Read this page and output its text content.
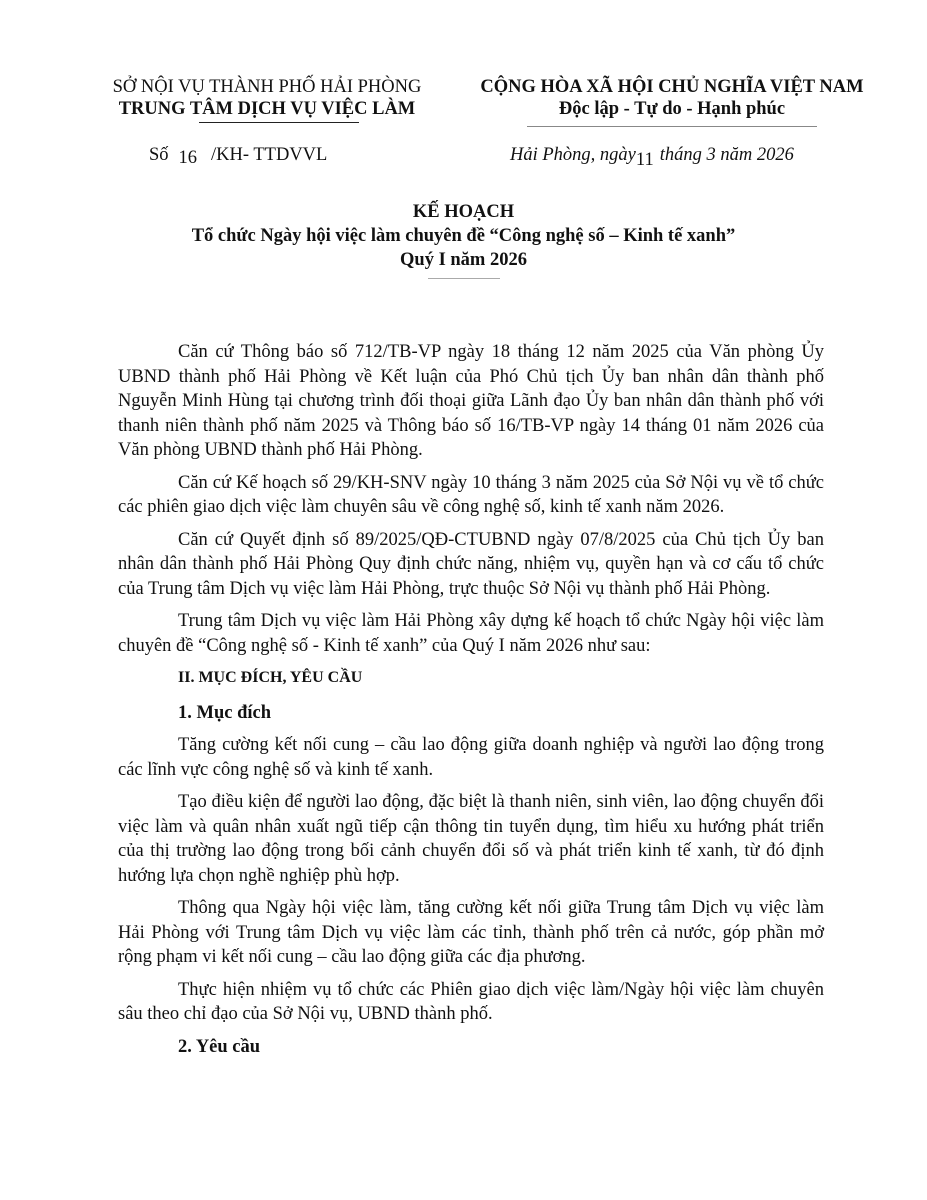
SỞ NỘI VỤ THÀNH PHỐ HẢI PHÒNG
TRUNG TÂM DỊCH VỤ VIỆC LÀM
Số 16 /KH- TTDVVL
CỘNG HÒA XÃ HỘI CHỦ NGHĨA VIỆT NAM
Độc lập - Tự do - Hạnh phúc
Hải Phòng, ngày11 tháng 3 năm 2026
KẾ HOẠCH
Tổ chức Ngày hội việc làm chuyên đề “Công nghệ số – Kinh tế xanh”
Quý I năm 2026

Căn cứ Thông báo số 712/TB-VP ngày 18 tháng 12 năm 2025 của Văn phòng Ủy UBND thành phố Hải Phòng về Kết luận của Phó Chủ tịch Ủy ban nhân dân thành phố Nguyễn Minh Hùng tại chương trình đối thoại giữa Lãnh đạo Ủy ban nhân dân thành phố với thanh niên thành phố năm 2025 và Thông báo số 16/TB-VP ngày 14 tháng 01 năm 2026 của Văn phòng UBND thành phố Hải Phòng.

Căn cứ Kế hoạch số 29/KH-SNV ngày 10 tháng 3 năm 2025 của Sở Nội vụ về tổ chức các phiên giao dịch việc làm chuyên sâu về công nghệ số, kinh tế xanh năm 2026.

Căn cứ Quyết định số 89/2025/QĐ-CTUBND ngày 07/8/2025 của Chủ tịch Ủy ban nhân dân thành phố Hải Phòng Quy định chức năng, nhiệm vụ, quyền hạn và cơ cấu tổ chức của Trung tâm Dịch vụ việc làm Hải Phòng, trực thuộc Sở Nội vụ thành phố Hải Phòng.

Trung tâm Dịch vụ việc làm Hải Phòng xây dựng kế hoạch tổ chức Ngày hội việc làm chuyên đề “Công nghệ số - Kinh tế xanh” của Quý I năm 2026 như sau:

II. MỤC ĐÍCH, YÊU CẦU
1. Mục đích

Tăng cường kết nối cung – cầu lao động giữa doanh nghiệp và người lao động trong các lĩnh vực công nghệ số và kinh tế xanh.

Tạo điều kiện để người lao động, đặc biệt là thanh niên, sinh viên, lao động chuyển đổi việc làm và quân nhân xuất ngũ tiếp cận thông tin tuyển dụng, tìm hiểu xu hướng phát triển của thị trường lao động trong bối cảnh chuyển đổi số và phát triển kinh tế xanh, từ đó định hướng lựa chọn nghề nghiệp phù hợp.

Thông qua Ngày hội việc làm, tăng cường kết nối giữa Trung tâm Dịch vụ việc làm Hải Phòng với Trung tâm Dịch vụ việc làm các tỉnh, thành phố trên cả nước, góp phần mở rộng phạm vi kết nối cung – cầu lao động giữa các địa phương.

Thực hiện nhiệm vụ tổ chức các Phiên giao dịch việc làm/Ngày hội việc làm chuyên sâu theo chỉ đạo của Sở Nội vụ, UBND thành phố.

2. Yêu cầu
